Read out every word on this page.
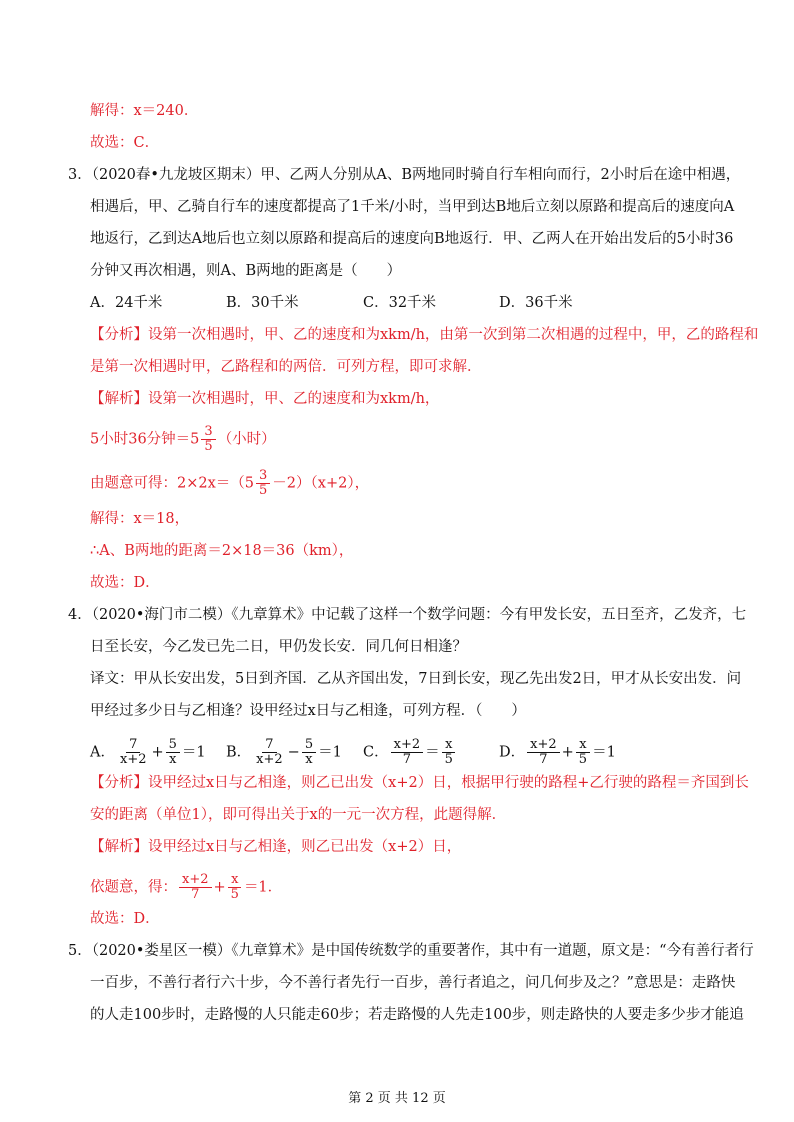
解得：x＝240．
故选：C．
3．（2020春•九龙坡区期末）甲、乙两人分别从A、B两地同时骑自行车相向而行，2小时后在途中相遇，
相遇后，甲、乙骑自行车的速度都提高了1千米/小时，当甲到达B地后立刻以原路和提高后的速度向A
地返行，乙到达A地后也立刻以原路和提高后的速度向B地返行．甲、乙两人在开始出发后的5小时36
分钟又再次相遇，则A、B两地的距离是（　　）
A．24千米	B．30千米	C．32千米	D．36千米
【分析】设第一次相遇时，甲、乙的速度和为xkm/h，由第一次到第二次相遇的过程中，甲，乙的路程和
是第一次相遇时甲，乙路程和的两倍．可列方程，即可求解．
【解析】设第一次相遇时，甲、乙的速度和为xkm/h，
5小时36分钟$=5 \frac{3}{5}$ （小时）
由题意可得：$2\times 2x=(5 \frac{3}{5} -2)(x+2)$，
解得：x＝18，
∴A、B两地的距离＝2×18＝36（km），
故选：D．
4．（2020•海门市二模）《九章算术》中记载了这样一个数学问题：今有甲发长安，五日至齐，乙发齐，七
日至长安，今乙发已先二日，甲仍发长安．同几何日相逢？
译文：甲从长安出发，5日到齐国．乙从齐国出发，7日到长安，现乙先出发2日，甲才从长安出发．问
甲经过多少日与乙相逢？设甲经过x日与乙相逢，可列方程．（　　）
A． $\frac{7}{x+2} + \frac{5}{x} =1$ B． $\frac{7}{x+2} - \frac{5}{x} =1$ C． $\frac{x+2}{7} = \frac{x}{5}$	D． $\frac{x+2}{7} + \frac{x}{5} =1$
【分析】设甲经过x日与乙相逢，则乙已出发（x+2）日，根据甲行驶的路程+乙行驶的路程＝齐国到长
安的距离（单位1），即可得出关于x的一元一次方程，此题得解．
【解析】设甲经过x日与乙相逢，则乙已出发（x+2）日，
依题意，得： $\frac{x+2}{7} + \frac{x}{5} =1$．
故选：D．
5．（2020•娄星区一模）《九章算术》是中国传统数学的重要著作，其中有一道题，原文是：“今有善行者行
一百步，不善行者行六十步，今不善行者先行一百步，善行者追之，问几何步及之？”意思是：走路快
的人走100步时，走路慢的人只能走60步；若走路慢的人先走100步，则走路快的人要走多少步才能追
第 2 页 共 12 页
